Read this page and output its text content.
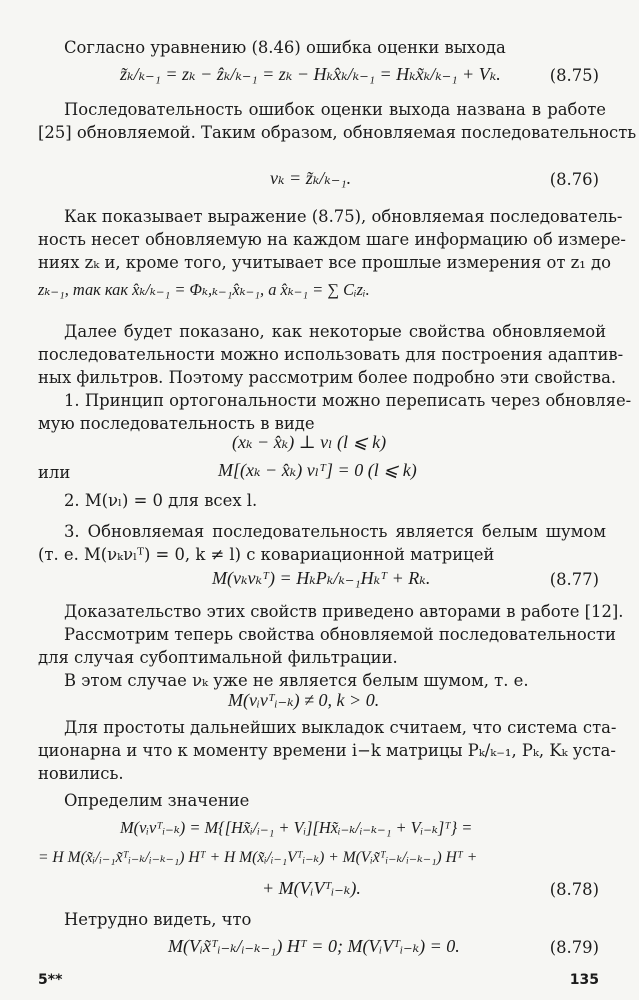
Согласно уравнению (8.46) ошибка оценки выхода
z̃ₖ/ₖ₋₁ = zₖ − ẑₖ/ₖ₋₁ = zₖ − Hₖx̂ₖ/ₖ₋₁ = Hₖx̃ₖ/ₖ₋₁ + Vₖ.	(8.75)
Последовательность ошибок оценки выхода названа в работе
[25] обновляемой. Таким образом, обновляемая последовательность
νₖ = z̃ₖ/ₖ₋₁.	(8.76)
Как показывает выражение (8.75), обновляемая последователь-
ность несет обновляемую на каждом шаге информацию об измере-
ниях zₖ и, кроме того, учитывает все прошлые измерения от z₁ до
zₖ₋₁, так как x̂ₖ/ₖ₋₁ = Φₖ,ₖ₋₁x̂ₖ₋₁, а x̂ₖ₋₁ = ∑ Cᵢzᵢ.
Далее будет показано, как некоторые свойства обновляемой
последовательности можно использовать для построения адаптив-
ных фильтров. Поэтому рассмотрим более подробно эти свойства.
1. Принцип ортогональности можно переписать через обновляе-
мую последовательность в виде
(xₖ − x̂ₖ) ⊥ νₗ (l ⩽ k)
или	M[(xₖ − x̂ₖ) νₗᵀ] = 0 (l ⩽ k)
2. M(νₗ) = 0 для всех l.
3. Обновляемая последовательность является белым шумом
(т. е. M(νₖνₗᵀ) = 0, k ≠ l) с ковариационной матрицей
M(νₖνₖᵀ) = HₖPₖ/ₖ₋₁Hₖᵀ + Rₖ.	(8.77)
Доказательство этих свойств приведено авторами в работе [12].
Рассмотрим теперь свойства обновляемой последовательности
для случая субоптимальной фильтрации.
В этом случае νₖ уже не является белым шумом, т. е.
M(νᵢνᵀᵢ₋ₖ) ≠ 0, k > 0.
Для простоты дальнейших выкладок считаем, что система ста-
ционарна и что к моменту времени i−k матрицы Pₖ/ₖ₋₁, Pₖ, Kₖ уста-
новились.
Определим значение
M(νᵢνᵀᵢ₋ₖ) = M{[Hx̃ᵢ/ᵢ₋₁ + Vᵢ][Hx̃ᵢ₋ₖ/ᵢ₋ₖ₋₁ + Vᵢ₋ₖ]ᵀ} =
= H M(x̃ᵢ/ᵢ₋₁x̃ᵀᵢ₋ₖ/ᵢ₋ₖ₋₁) Hᵀ + H M(x̃ᵢ/ᵢ₋₁Vᵀᵢ₋ₖ) + M(Vᵢx̃ᵀᵢ₋ₖ/ᵢ₋ₖ₋₁) Hᵀ +
+ M(VᵢVᵀᵢ₋ₖ).	(8.78)
Нетрудно видеть, что
M(Vᵢx̃ᵀᵢ₋ₖ/ᵢ₋ₖ₋₁) Hᵀ = 0; M(VᵢVᵀᵢ₋ₖ) = 0.	(8.79)
5**	135
